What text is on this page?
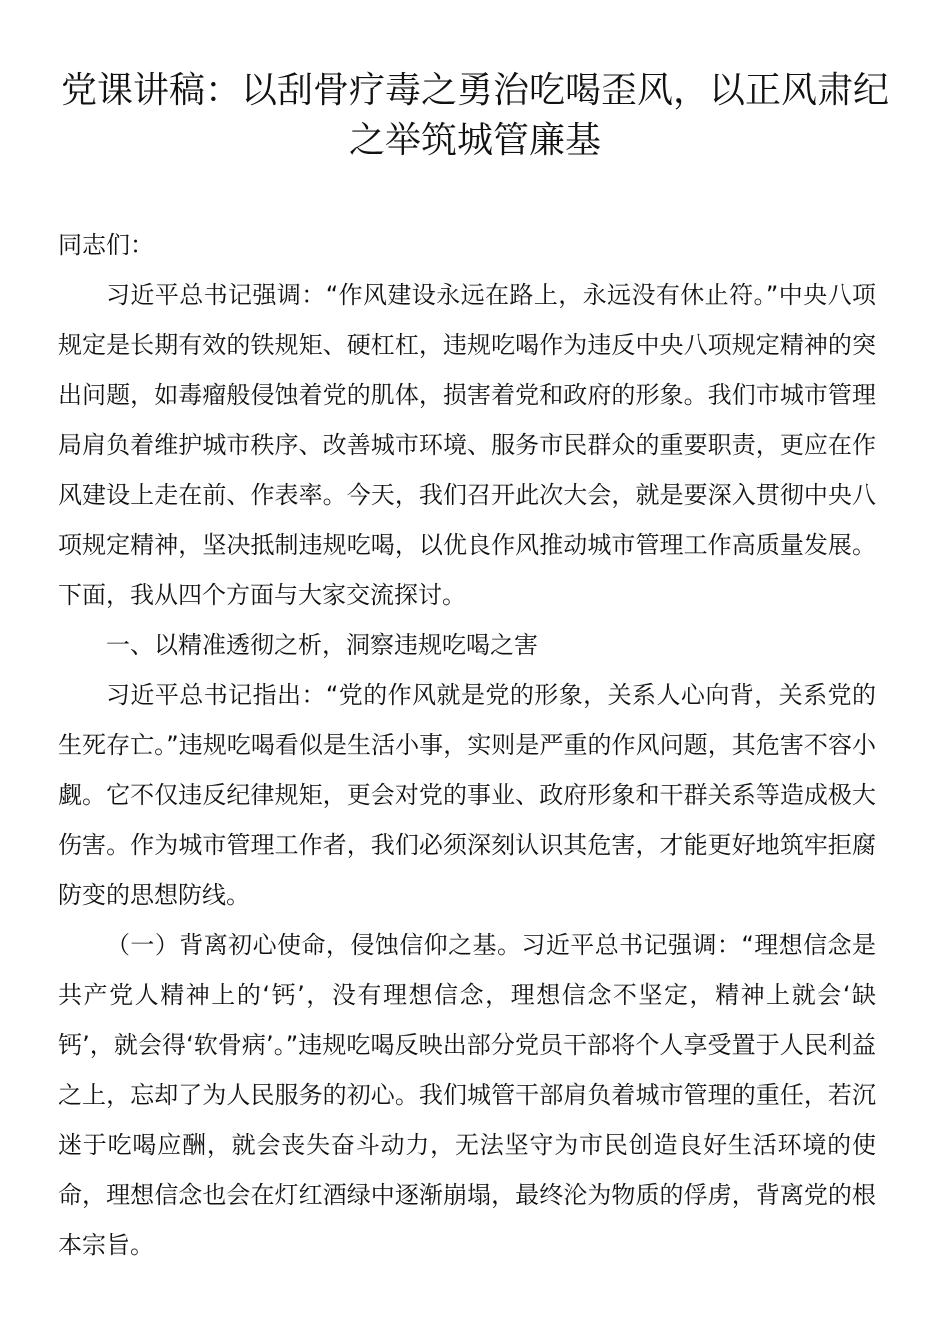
党课讲稿：以刮骨疗毒之勇治吃喝歪风，以正风肃纪之举筑城管廉基

同志们：

习近平总书记强调：“作风建设永远在路上，永远没有休止符。”中央八项规定是长期有效的铁规矩、硬杠杠，违规吃喝作为违反中央八项规定精神的突出问题，如毒瘤般侵蚀着党的肌体，损害着党和政府的形象。我们市城市管理局肩负着维护城市秩序、改善城市环境、服务市民群众的重要职责，更应在作风建设上走在前、作表率。今天，我们召开此次大会，就是要深入贯彻中央八项规定精神，坚决抵制违规吃喝，以优良作风推动城市管理工作高质量发展。下面，我从四个方面与大家交流探讨。

一、以精准透彻之析，洞察违规吃喝之害

习近平总书记指出：“党的作风就是党的形象，关系人心向背，关系党的生死存亡。”违规吃喝看似是生活小事，实则是严重的作风问题，其危害不容小觑。它不仅违反纪律规矩，更会对党的事业、政府形象和干群关系等造成极大伤害。作为城市管理工作者，我们必须深刻认识其危害，才能更好地筑牢拒腐防变的思想防线。

（一）背离初心使命，侵蚀信仰之基。习近平总书记强调：“理想信念是共产党人精神上的‘钙’，没有理想信念，理想信念不坚定，精神上就会‘缺钙’，就会得‘软骨病’。”违规吃喝反映出部分党员干部将个人享受置于人民利益之上，忘却了为人民服务的初心。我们城管干部肩负着城市管理的重任，若沉迷于吃喝应酬，就会丧失奋斗动力，无法坚守为市民创造良好生活环境的使命，理想信念也会在灯红酒绿中逐渐崩塌，最终沦为物质的俘虏，背离党的根本宗旨。
